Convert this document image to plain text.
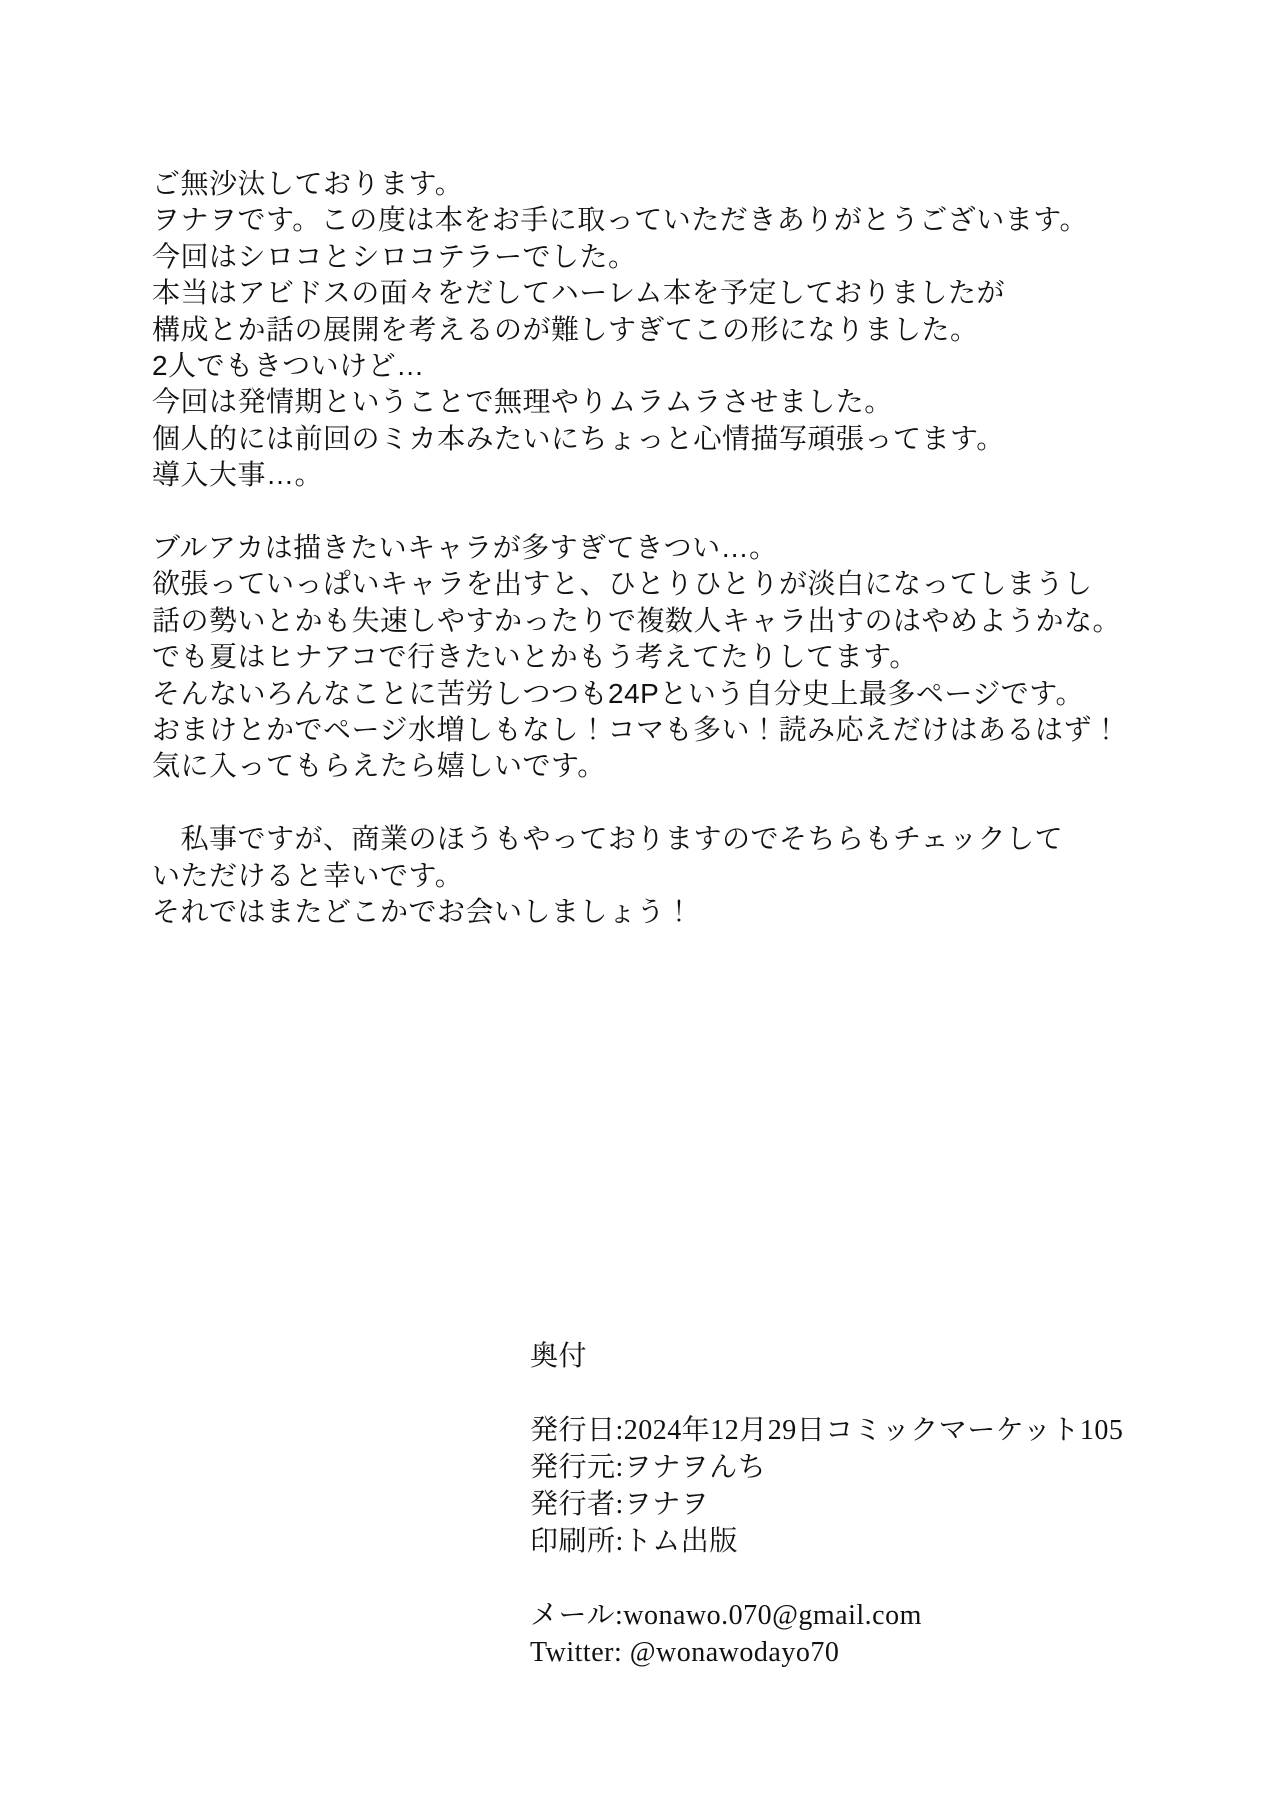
ご無沙汰しております。
ヲナヲです。この度は本をお手に取っていただきありがとうございます。
今回はシロコとシロコテラーでした。
本当はアビドスの面々をだしてハーレム本を予定しておりましたが
構成とか話の展開を考えるのが難しすぎてこの形になりました。
2人でもきついけど…
今回は発情期ということで無理やりムラムラさせました。
個人的には前回のミカ本みたいにちょっと心情描写頑張ってます。
導入大事…。
ブルアカは描きたいキャラが多すぎてきつい…。
欲張っていっぱいキャラを出すと、ひとりひとりが淡白になってしまうし
話の勢いとかも失速しやすかったりで複数人キャラ出すのはやめようかな。
でも夏はヒナアコで行きたいとかもう考えてたりしてます。
そんないろんなことに苦労しつつも24Pという自分史上最多ページです。
おまけとかでページ水増しもなし！コマも多い！読み応えだけはあるはず！
気に入ってもらえたら嬉しいです。
　私事ですが、商業のほうもやっておりますのでそちらもチェックして
いただけると幸いです。
それではまたどこかでお会いしましょう！
奥付
発行日:2024年12月29日コミックマーケット105
発行元:ヲナヲんち
発行者:ヲナヲ
印刷所:トム出版
メール:wonawo.070@gmail.com
Twitter: @wonawodayo70
